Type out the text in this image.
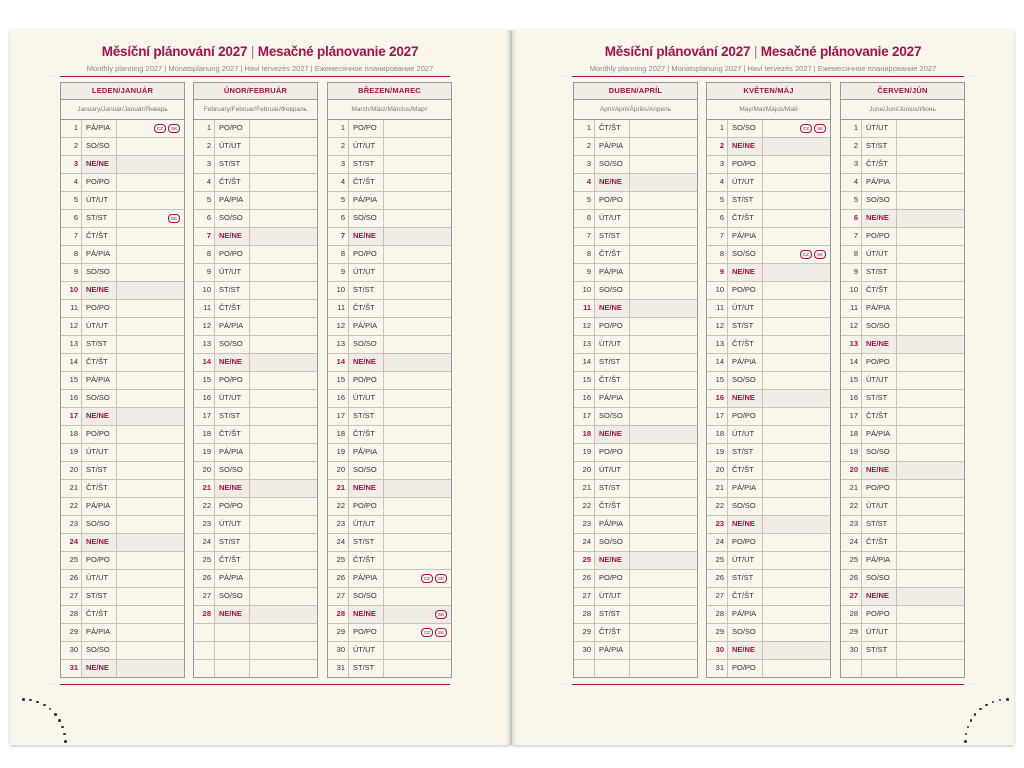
Měsíční plánování 2027 | Mesačné plánovanie 2027
Monthly planning 2027 | Monatsplanung 2027 | Havi tervezés 2027 | Ежемесячное планирование 2027
Měsíční plánování 2027 | Mesačné plánovanie 2027
Monthly planning 2027 | Monatsplanung 2027 | Havi tervezés 2027 | Ежемесячное планирование 2027
LEDEN/JANUÁR
January/Januar/Január/Январь
1	PÁ/PIA	CZ	SK
2	SO/SO
3	NE/NE
4	PO/PO
5	ÚT/UT
6	ST/ST	SK
7	ČT/ŠT
8	PÁ/PIA
9	SO/SO
10	NE/NE
11	PO/PO
12	ÚT/UT
13	ST/ST
14	ČT/ŠT
15	PÁ/PIA
16	SO/SO
17	NE/NE
18	PO/PO
19	ÚT/UT
20	ST/ST
21	ČT/ŠT
22	PÁ/PIA
23	SO/SO
24	NE/NE
25	PO/PO
26	ÚT/UT
27	ST/ST
28	ČT/ŠT
29	PÁ/PIA
30	SO/SO
31	NE/NE
ÚNOR/FEBRUÁR
February/Februar/Február/Февраль
1	PO/PO
2	ÚT/UT
3	ST/ST
4	ČT/ŠT
5	PÁ/PIA
6	SO/SO
7	NE/NE
8	PO/PO
9	ÚT/UT
10	ST/ST
11	ČT/ŠT
12	PÁ/PIA
13	SO/SO
14	NE/NE
15	PO/PO
16	ÚT/UT
17	ST/ST
18	ČT/ŠT
19	PÁ/PIA
20	SO/SO
21	NE/NE
22	PO/PO
23	ÚT/UT
24	ST/ST
25	ČT/ŠT
26	PÁ/PIA
27	SO/SO
28	NE/NE
BŘEZEN/MAREC
March/März/Március/Март
1	PO/PO
2	ÚT/UT
3	ST/ST
4	ČT/ŠT
5	PÁ/PIA
6	SO/SO
7	NE/NE
8	PO/PO
9	ÚT/UT
10	ST/ST
11	ČT/ŠT
12	PÁ/PIA
13	SO/SO
14	NE/NE
15	PO/PO
16	ÚT/UT
17	ST/ST
18	ČT/ŠT
19	PÁ/PIA
20	SO/SO
21	NE/NE
22	PO/PO
23	ÚT/UT
24	ST/ST
25	ČT/ŠT
26	PÁ/PIA	CZ	SK
27	SO/SO
28	NE/NE	SK
29	PO/PO	CZ	SK
30	ÚT/UT
31	ST/ST
DUBEN/APRÍL
April/April/Április/Апрель
1	ČT/ŠT
2	PÁ/PIA
3	SO/SO
4	NE/NE
5	PO/PO
6	ÚT/UT
7	ST/ST
8	ČT/ŠT
9	PÁ/PIA
10	SO/SO
11	NE/NE
12	PO/PO
13	ÚT/UT
14	ST/ST
15	ČT/ŠT
16	PÁ/PIA
17	SO/SO
18	NE/NE
19	PO/PO
20	ÚT/UT
21	ST/ST
22	ČT/ŠT
23	PÁ/PIA
24	SO/SO
25	NE/NE
26	PO/PO
27	ÚT/UT
28	ST/ST
29	ČT/ŠT
30	PÁ/PIA
KVĚTEN/MÁJ
May/Mai/Május/Май
1	SO/SO	CZ	SK
2	NE/NE
3	PO/PO
4	ÚT/UT
5	ST/ST
6	ČT/ŠT
7	PÁ/PIA
8	SO/SO	CZ	SK
9	NE/NE
10	PO/PO
11	ÚT/UT
12	ST/ST
13	ČT/ŠT
14	PÁ/PIA
15	SO/SO
16	NE/NE
17	PO/PO
18	ÚT/UT
19	ST/ST
20	ČT/ŠT
21	PÁ/PIA
22	SO/SO
23	NE/NE
24	PO/PO
25	ÚT/UT
26	ST/ST
27	ČT/ŠT
28	PÁ/PIA
29	SO/SO
30	NE/NE
31	PO/PO
ČERVEN/JÚN
June/Juni/Június/Июнь
1	ÚT/UT
2	ST/ST
3	ČT/ŠT
4	PÁ/PIA
5	SO/SO
6	NE/NE
7	PO/PO
8	ÚT/UT
9	ST/ST
10	ČT/ŠT
11	PÁ/PIA
12	SO/SO
13	NE/NE
14	PO/PO
15	ÚT/UT
16	ST/ST
17	ČT/ŠT
18	PÁ/PIA
19	SO/SO
20	NE/NE
21	PO/PO
22	ÚT/UT
23	ST/ST
24	ČT/ŠT
25	PÁ/PIA
26	SO/SO
27	NE/NE
28	PO/PO
29	ÚT/UT
30	ST/ST
